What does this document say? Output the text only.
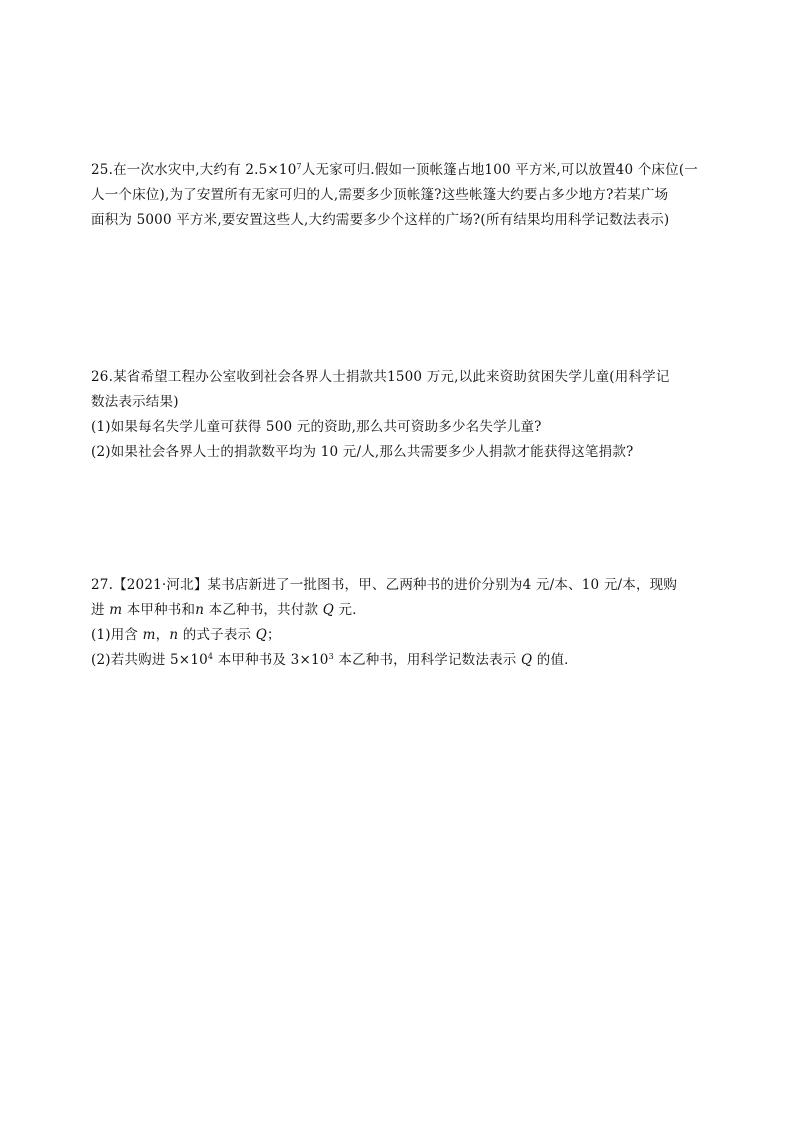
25.在一次水灾中,大约有 $2.5\times 10^7$人无家可归.假如一顶帐篷占地100 平方米,可以放置40 个床位(一
人一个床位),为了安置所有无家可归的人,需要多少顶帐篷?这些帐篷大约要占多少地方?若某广场
面积为 5000 平方米,要安置这些人,大约需要多少个这样的广场?(所有结果均用科学记数法表示)
26.某省希望工程办公室收到社会各界人士捐款共1500 万元,以此来资助贫困失学儿童(用科学记
数法表示结果)
(1)如果每名失学儿童可获得 500 元的资助,那么共可资助多少名失学儿童?
(2)如果社会各界人士的捐款数平均为 10 元/人,那么共需要多少人捐款才能获得这笔捐款?
27.【2021·河北】某书店新进了一批图书，甲、乙两种书的进价分别为4 元/本、10 元/本，现购
进 m 本甲种书和n 本乙种书，共付款 Q 元．
(1)用含 m，n 的式子表示 Q；
(2)若共购进 $5\times 10^4$ 本甲种书及 $3\times 10^3$ 本乙种书，用科学记数法表示 Q 的值．
